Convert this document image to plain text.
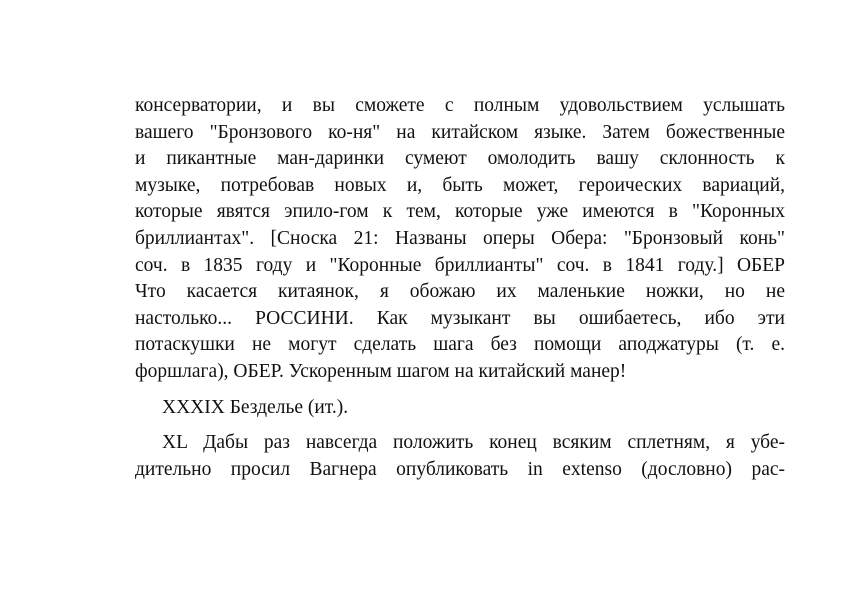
консерватории, и вы сможете с полным удовольствием услышать
вашего "Бронзового ко-ня" на китайском языке. Затем божественные
и пикантные ман-даринки сумеют омолодить вашу склонность к
музыке, потребовав новых и, быть может, героических вариаций,
которые явятся эпило-гом к тем, которые уже имеются в "Коронных
бриллиантах". [Сноска 21: Названы оперы Обера: "Бронзовый конь"
соч. в 1835 году и "Коронные бриллианты" соч. в 1841 году.] ОБЕР
Что касается китаянок, я обожаю их маленькие ножки, но не
настолько... РОССИНИ. Как музыкант вы ошибаетесь, ибо эти
потаскушки не могут сделать шага без помощи аподжатуры (т. е.
форшлага), ОБЕР. Ускоренным шагом на китайский манер!
XXXIX Безделье (ит.).
XL Дабы раз навсегда положить конец всяким сплетням, я убе-
дительно просил Вагнера опубликовать in extenso (дословно) рас-
